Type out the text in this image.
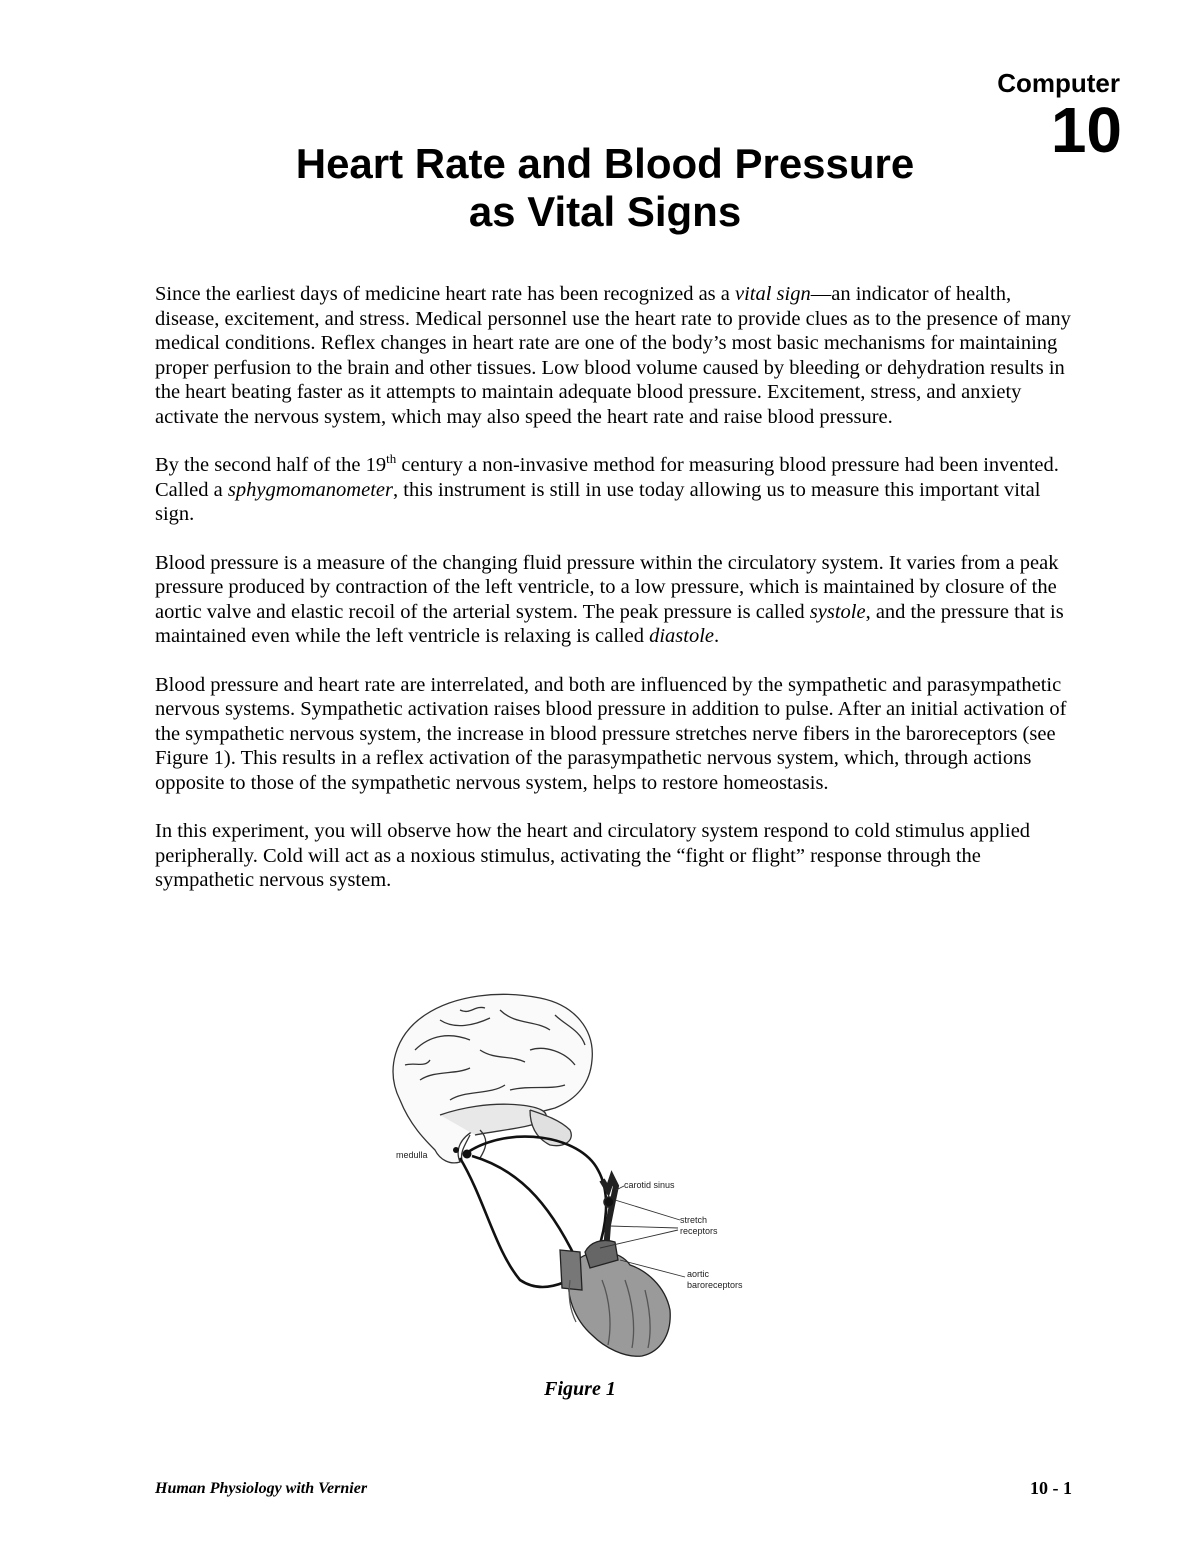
Computer
10
Heart Rate and Blood Pressure
as Vital Signs

Since the earliest days of medicine heart rate has been recognized as a vital sign—an indicator of health, disease, excitement, and stress. Medical personnel use the heart rate to provide clues as to the presence of many medical conditions. Reflex changes in heart rate are one of the body’s most basic mechanisms for maintaining proper perfusion to the brain and other tissues. Low blood volume caused by bleeding or dehydration results in the heart beating faster as it attempts to maintain adequate blood pressure. Excitement, stress, and anxiety activate the nervous system, which may also speed the heart rate and raise blood pressure.

By the second half of the 19th century a non-invasive method for measuring blood pressure had been invented. Called a sphygmomanometer, this instrument is still in use today allowing us to measure this important vital sign.

Blood pressure is a measure of the changing fluid pressure within the circulatory system. It varies from a peak pressure produced by contraction of the left ventricle, to a low pressure, which is maintained by closure of the aortic valve and elastic recoil of the arterial system. The peak pressure is called systole, and the pressure that is maintained even while the left ventricle is relaxing is called diastole.

Blood pressure and heart rate are interrelated, and both are influenced by the sympathetic and parasympathetic nervous systems. Sympathetic activation raises blood pressure in addition to pulse. After an initial activation of the sympathetic nervous system, the increase in blood pressure stretches nerve fibers in the baroreceptors (see Figure 1). This results in a reflex activation of the parasympathetic nervous system, which, through actions opposite to those of the sympathetic nervous system, helps to restore homeostasis.

In this experiment, you will observe how the heart and circulatory system respond to cold stimulus applied peripherally. Cold will act as a noxious stimulus, activating the “fight or flight” response through the sympathetic nervous system.

medulla
carotid sinus
stretch
receptors
aortic
baroreceptors
Figure 1
Human Physiology with Vernier	10 - 1
